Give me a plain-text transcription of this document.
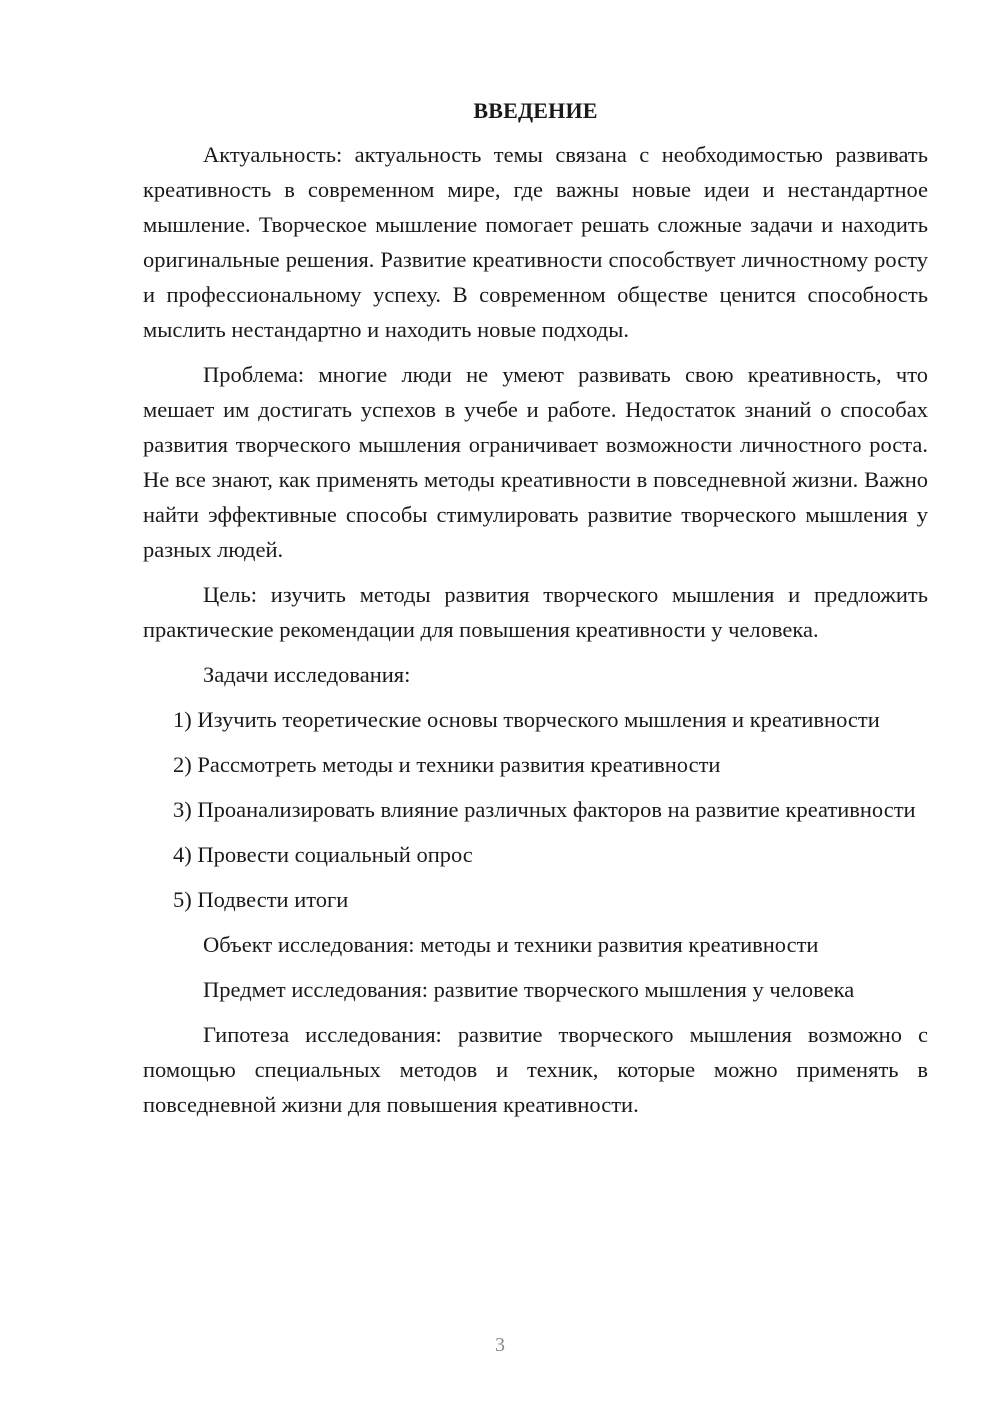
ВВЕДЕНИЕ

Актуальность: актуальность темы связана с необходимостью развивать креативность в современном мире, где важны новые идеи и нестандартное мышление. Творческое мышление помогает решать сложные задачи и находить оригинальные решения. Развитие креативности способствует личностному росту и профессиональному успеху. В современном обществе ценится способность мыслить нестандартно и находить новые подходы.

Проблема: многие люди не умеют развивать свою креативность, что мешает им достигать успехов в учебе и работе. Недостаток знаний о способах развития творческого мышления ограничивает возможности личностного роста. Не все знают, как применять методы креативности в повседневной жизни. Важно найти эффективные способы стимулировать развитие творческого мышления у разных людей.

Цель: изучить методы развития творческого мышления и предложить практические рекомендации для повышения креативности у человека.

Задачи исследования:

1) Изучить теоретические основы творческого мышления и креативности

2) Рассмотреть методы и техники развития креативности

3) Проанализировать влияние различных факторов на развитие креативности

4) Провести социальный опрос

5) Подвести итоги

Объект исследования: методы и техники развития креативности

Предмет исследования: развитие творческого мышления у человека

Гипотеза исследования: развитие творческого мышления возможно с помощью специальных методов и техник, которые можно применять в повседневной жизни для повышения креативности.

3
